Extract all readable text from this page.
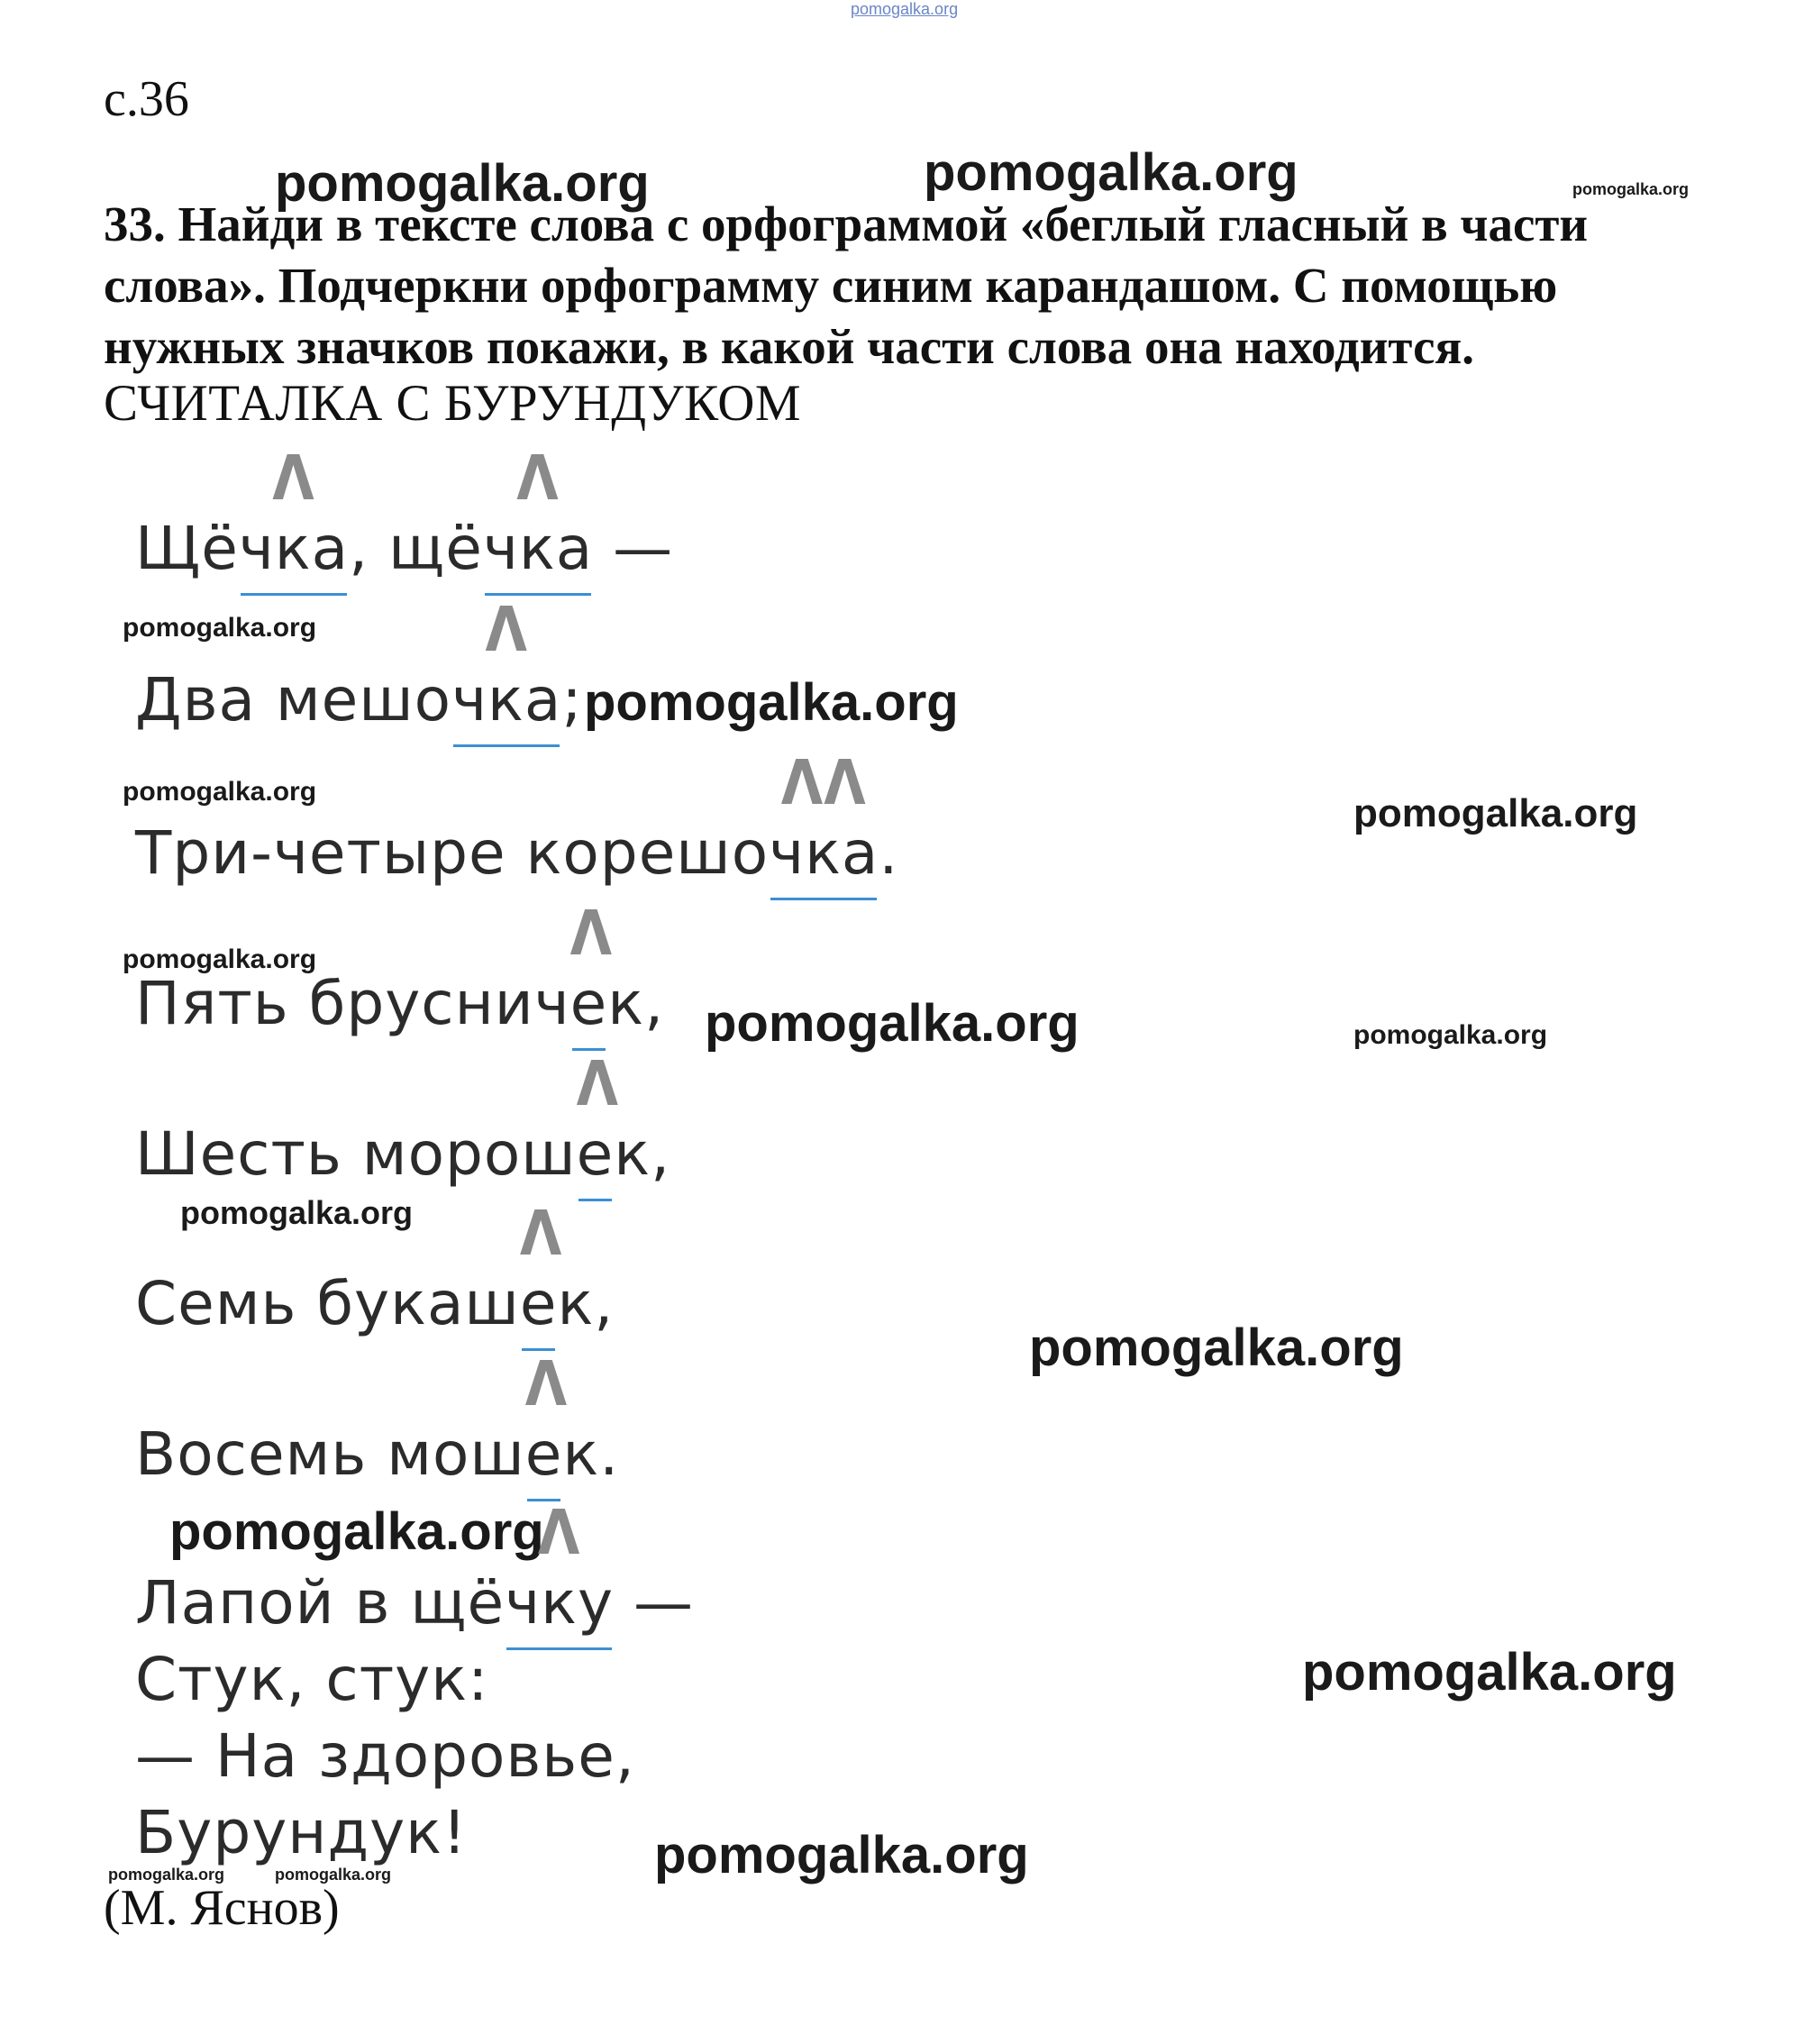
pomogalka.org
с.36
pomogalka.org	pomogalka.org	pomogalka.org
33. Найди в тексте слова с орфограммой «беглый гласный в части слова». Подчеркни орфограмму синим карандашом. С помощью нужных значков покажи, в какой части слова она находится.
СЧИТАЛКА С БУРУНДУКОМ
Щё
Λ
чка
, щё
Λ
чка
—
pomogalka.org
Два мешо
Λ
чка
; pomogalka.org
pomogalka.org	pomogalka.org
Три-четыре корешо
ΛΛ
чка
.
pomogalka.org
Пять бруснич
Λ
е
к, pomogalka.org	pomogalka.org
Шесть морош
Λ
е
к,
pomogalka.org
Семь букаш
Λ
е
к,
pomogalka.org
Восемь мош
Λ
е
к.
pomogalka.org
Лапой в щё
Λ
чку
—
Стук, стук:	pomogalka.org
— На здоровье,
Бурундук!	pomogalka.org
pomogalka.org	pomogalka.org
(М. Яснов)
